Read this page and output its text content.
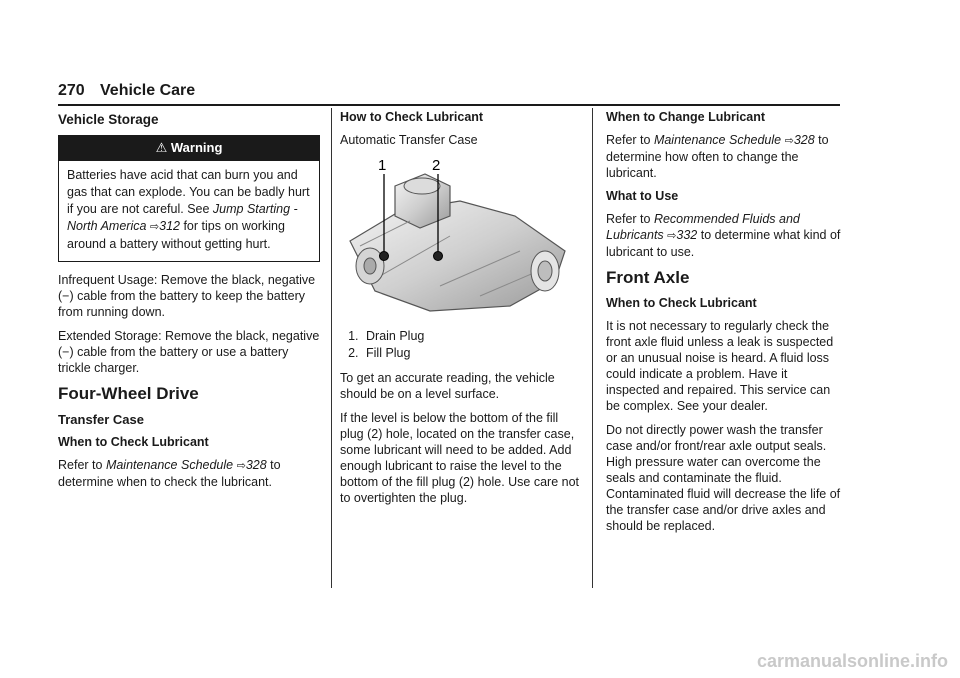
270 Vehicle Care
Vehicle Storage
⚠ Warning

Batteries have acid that can burn you and gas that can explode. You can be badly hurt if you are not careful. See Jump Starting - North America ⇨312 for tips on working around a battery without getting hurt.

Infrequent Usage: Remove the black, negative (−) cable from the battery to keep the battery from running down.

Extended Storage: Remove the black, negative (−) cable from the battery or use a battery trickle charger.

Four-Wheel Drive
Transfer Case
When to Check Lubricant

Refer to Maintenance Schedule ⇨328 to determine when to check the lubricant.

How to Check Lubricant

Automatic Transfer Case

1	2
1. Drain Plug
2. Fill Plug

To get an accurate reading, the vehicle should be on a level surface.

If the level is below the bottom of the fill plug (2) hole, located on the transfer case, some lubricant will need to be added. Add enough lubricant to raise the level to the bottom of the fill plug (2) hole. Use care not to overtighten the plug.

When to Change Lubricant

Refer to Maintenance Schedule ⇨328 to determine how often to change the lubricant.

What to Use

Refer to Recommended Fluids and Lubricants ⇨332 to determine what kind of lubricant to use.

Front Axle
When to Check Lubricant

It is not necessary to regularly check the front axle fluid unless a leak is suspected or an unusual noise is heard. A fluid loss could indicate a problem. Have it inspected and repaired. This service can be complex. See your dealer.

Do not directly power wash the transfer case and/or front/rear axle output seals. High pressure water can overcome the seals and contaminate the fluid. Contaminated fluid will decrease the life of the transfer case and/or drive axles and should be replaced.

carmanualsonline.info
